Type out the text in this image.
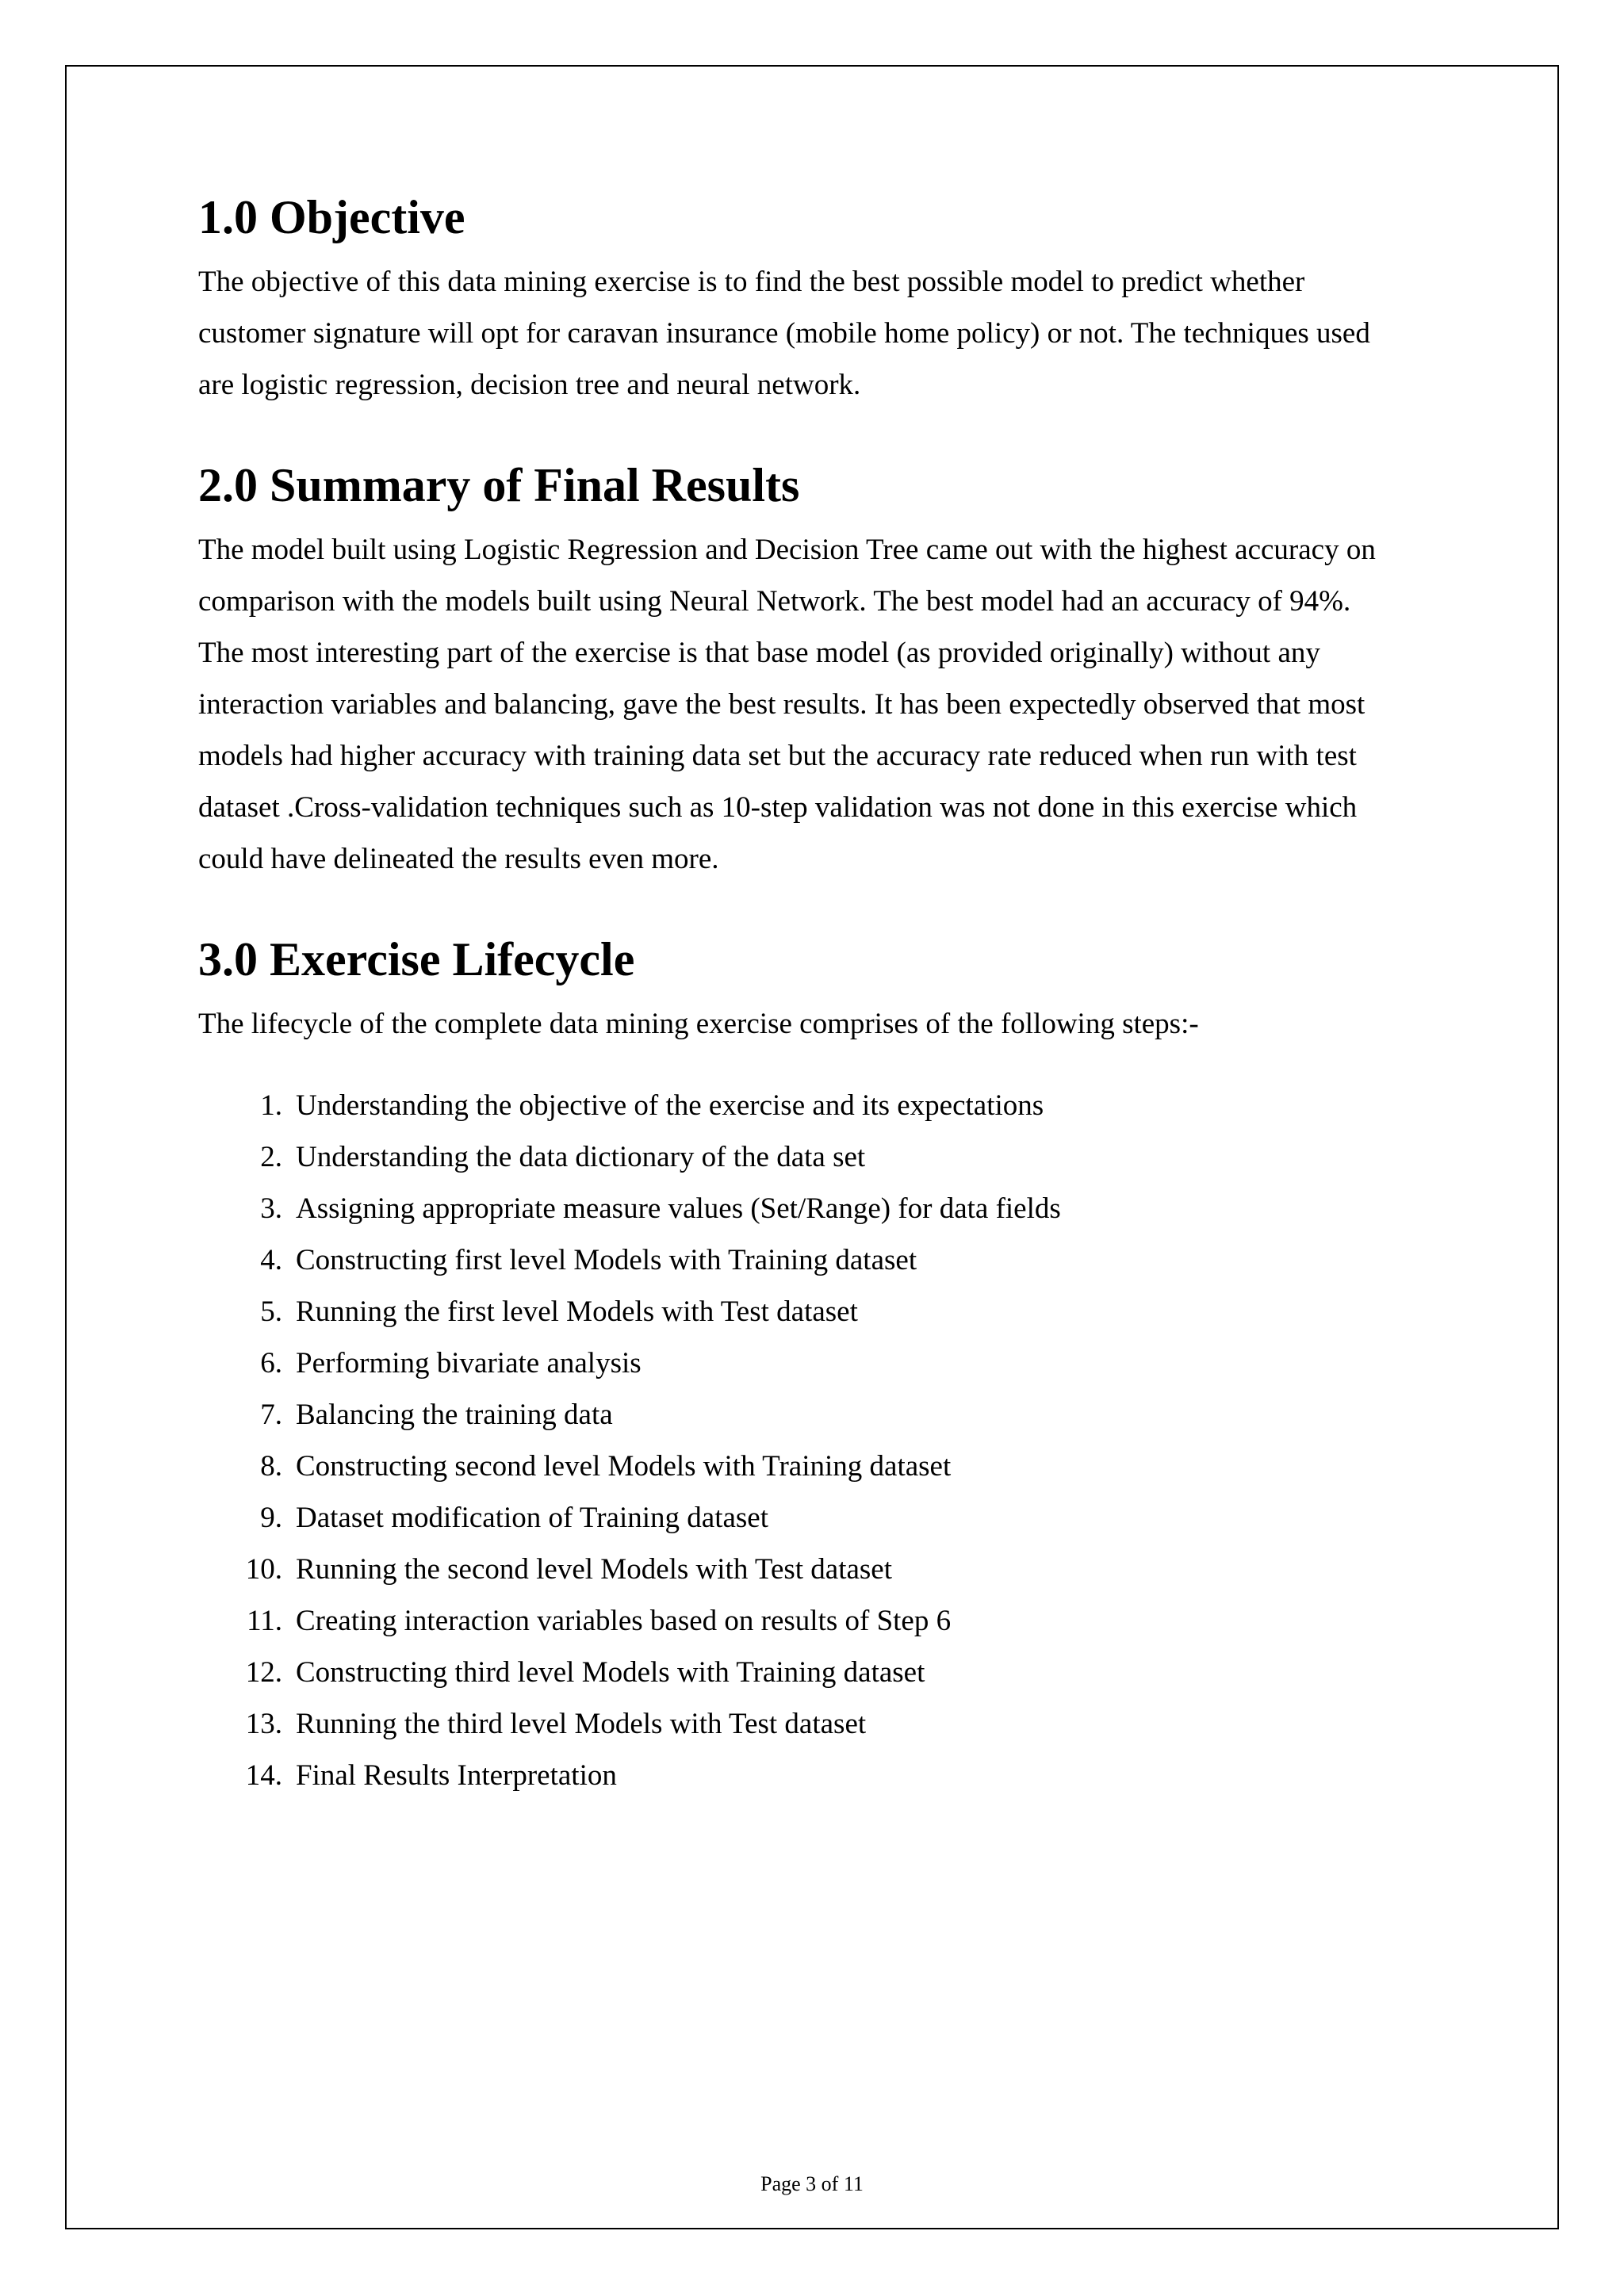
1.0 Objective

The objective of this data mining exercise is to find the best possible model to predict whether
customer signature will opt for caravan insurance (mobile home policy) or not. The techniques used
are logistic regression, decision tree and neural network.

2.0 Summary of Final Results

The model built using Logistic Regression and Decision Tree came out with the highest accuracy on
comparison with the models built using Neural Network. The best model had an accuracy of 94%.
The most interesting part of the exercise is that base model (as provided originally) without any
interaction variables and balancing, gave the best results. It has been expectedly observed that most
models had higher accuracy with training data set but the accuracy rate reduced when run with test
dataset .Cross-validation techniques such as 10-step validation was not done in this exercise which
could have delineated the results even more.

3.0 Exercise Lifecycle

The lifecycle of the complete data mining exercise comprises of the following steps:-

1. Understanding the objective of the exercise and its expectations
2. Understanding the data dictionary of the data set
3. Assigning appropriate measure values (Set/Range) for data fields
4. Constructing first level Models with Training dataset
5. Running the first level Models with Test dataset
6. Performing bivariate analysis
7. Balancing the training data
8. Constructing second level Models with Training dataset
9. Dataset modification of Training dataset
10. Running the second level Models with Test dataset
11. Creating interaction variables based on results of Step 6
12. Constructing third level Models with Training dataset
13. Running the third level Models with Test dataset
14. Final Results Interpretation
Page 3 of 11
